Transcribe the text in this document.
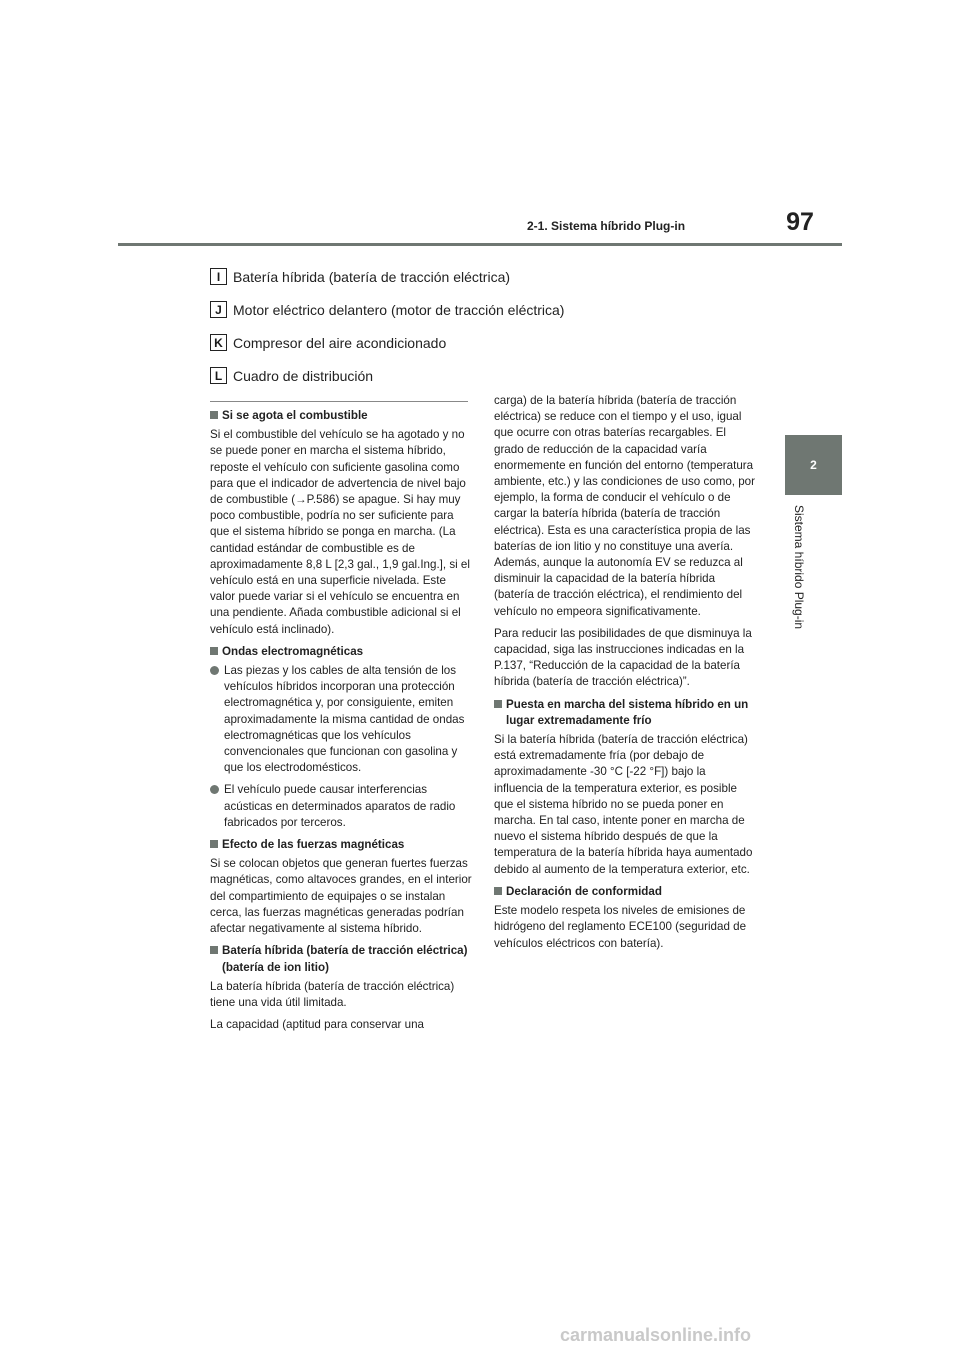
97
2-1. Sistema híbrido Plug-in
2
Sistema híbrido Plug-in
I Batería híbrida (batería de tracción eléctrica)
J Motor eléctrico delantero (motor de tracción eléctrica)
K Compresor del aire acondicionado
L Cuadro de distribución
Si se agota el combustible

Si el combustible del vehículo se ha agotado y no se puede poner en marcha el sistema híbrido, reposte el vehículo con suficiente gasolina como para que el indicador de advertencia de nivel bajo de combustible (→P.586) se apague. Si hay muy poco combustible, podría no ser suficiente para que el sistema híbrido se ponga en marcha. (La cantidad estándar de combustible es de aproximadamente 8,8 L [2,3 gal., 1,9 gal.Ing.], si el vehículo está en una superficie nivelada. Este valor puede variar si el vehículo se encuentra en una pendiente. Añada combustible adicional si el vehículo está inclinado).

Ondas electromagnéticas
Las piezas y los cables de alta tensión de los vehículos híbridos incorporan una protección electromagnética y, por consiguiente, emiten aproximadamente la misma cantidad de ondas electromagnéticas que los vehículos convencionales que funcionan con gasolina y que los electrodomésticos.
El vehículo puede causar interferencias acústicas en determinados aparatos de radio fabricados por terceros.
Efecto de las fuerzas magnéticas

Si se colocan objetos que generan fuertes fuerzas magnéticas, como altavoces grandes, en el interior del compartimiento de equipajes o se instalan cerca, las fuerzas magnéticas generadas podrían afectar negativamente al sistema híbrido.

Batería híbrida (batería de tracción eléctrica) (batería de ion litio)

La batería híbrida (batería de tracción eléctrica) tiene una vida útil limitada.

La capacidad (aptitud para conservar una

carga) de la batería híbrida (batería de tracción eléctrica) se reduce con el tiempo y el uso, igual que ocurre con otras baterías recargables. El grado de reducción de la capacidad varía enormemente en función del entorno (temperatura ambiente, etc.) y las condiciones de uso como, por ejemplo, la forma de conducir el vehículo o de cargar la batería híbrida (batería de tracción eléctrica). Esta es una característica propia de las baterías de ion litio y no constituye una avería. Además, aunque la autonomía EV se reduzca al disminuir la capacidad de la batería híbrida (batería de tracción eléctrica), el rendimiento del vehículo no empeora significativamente.

Para reducir las posibilidades de que disminuya la capacidad, siga las instrucciones indicadas en la P.137, “Reducción de la capacidad de la batería híbrida (batería de tracción eléctrica)”.

Puesta en marcha del sistema híbrido en un lugar extremadamente frío

Si la batería híbrida (batería de tracción eléctrica) está extremadamente fría (por debajo de aproximadamente -30 °C [-22 °F]) bajo la influencia de la temperatura exterior, es posible que el sistema híbrido no se pueda poner en marcha. En tal caso, intente poner en marcha de nuevo el sistema híbrido después de que la temperatura de la batería híbrida haya aumentado debido al aumento de la temperatura exterior, etc.

Declaración de conformidad

Este modelo respeta los niveles de emisiones de hidrógeno del reglamento ECE100 (seguridad de vehículos eléctricos con batería).

carmanualsonline.info
